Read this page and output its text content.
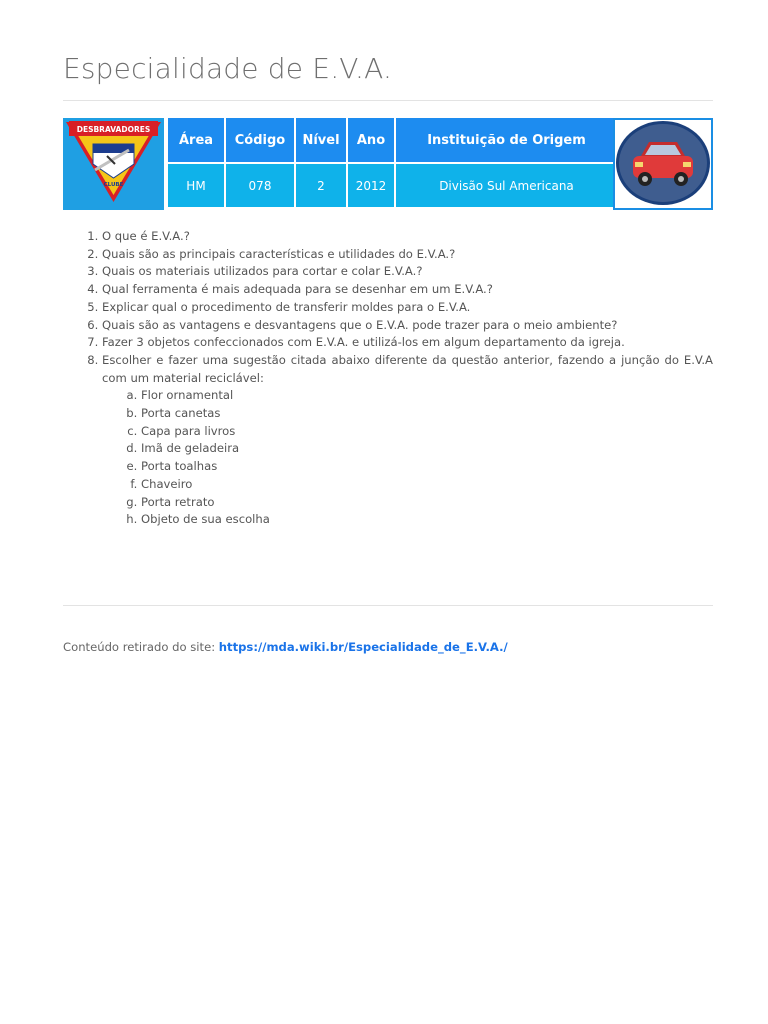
Especialidade de E.V.A.
DESBRAVADORES
CLUBE
Área	Código	Nível	Ano	Instituição de Origem
HM	078	2	2012	Divisão Sul Americana
1. O que é E.V.A.?
2. Quais são as principais características e utilidades do E.V.A.?
3. Quais os materiais utilizados para cortar e colar E.V.A.?
4. Qual ferramenta é mais adequada para se desenhar em um E.V.A.?
5. Explicar qual o procedimento de transferir moldes para o E.V.A.
6. Quais são as vantagens e desvantagens que o E.V.A. pode trazer para o meio ambiente?
7. Fazer 3 objetos confeccionados com E.V.A. e utilizá-los em algum departamento da igreja.
8. Escolher e fazer uma sugestão citada abaixo diferente da questão anterior, fazendo a junção do E.V.A com um material reciclável:
a. Flor ornamental
b. Porta canetas
c. Capa para livros
d. Imã de geladeira
e. Porta toalhas
f. Chaveiro
g. Porta retrato
h. Objeto de sua escolha
Conteúdo retirado do site: https://mda.wiki.br/Especialidade_de_E.V.A./
